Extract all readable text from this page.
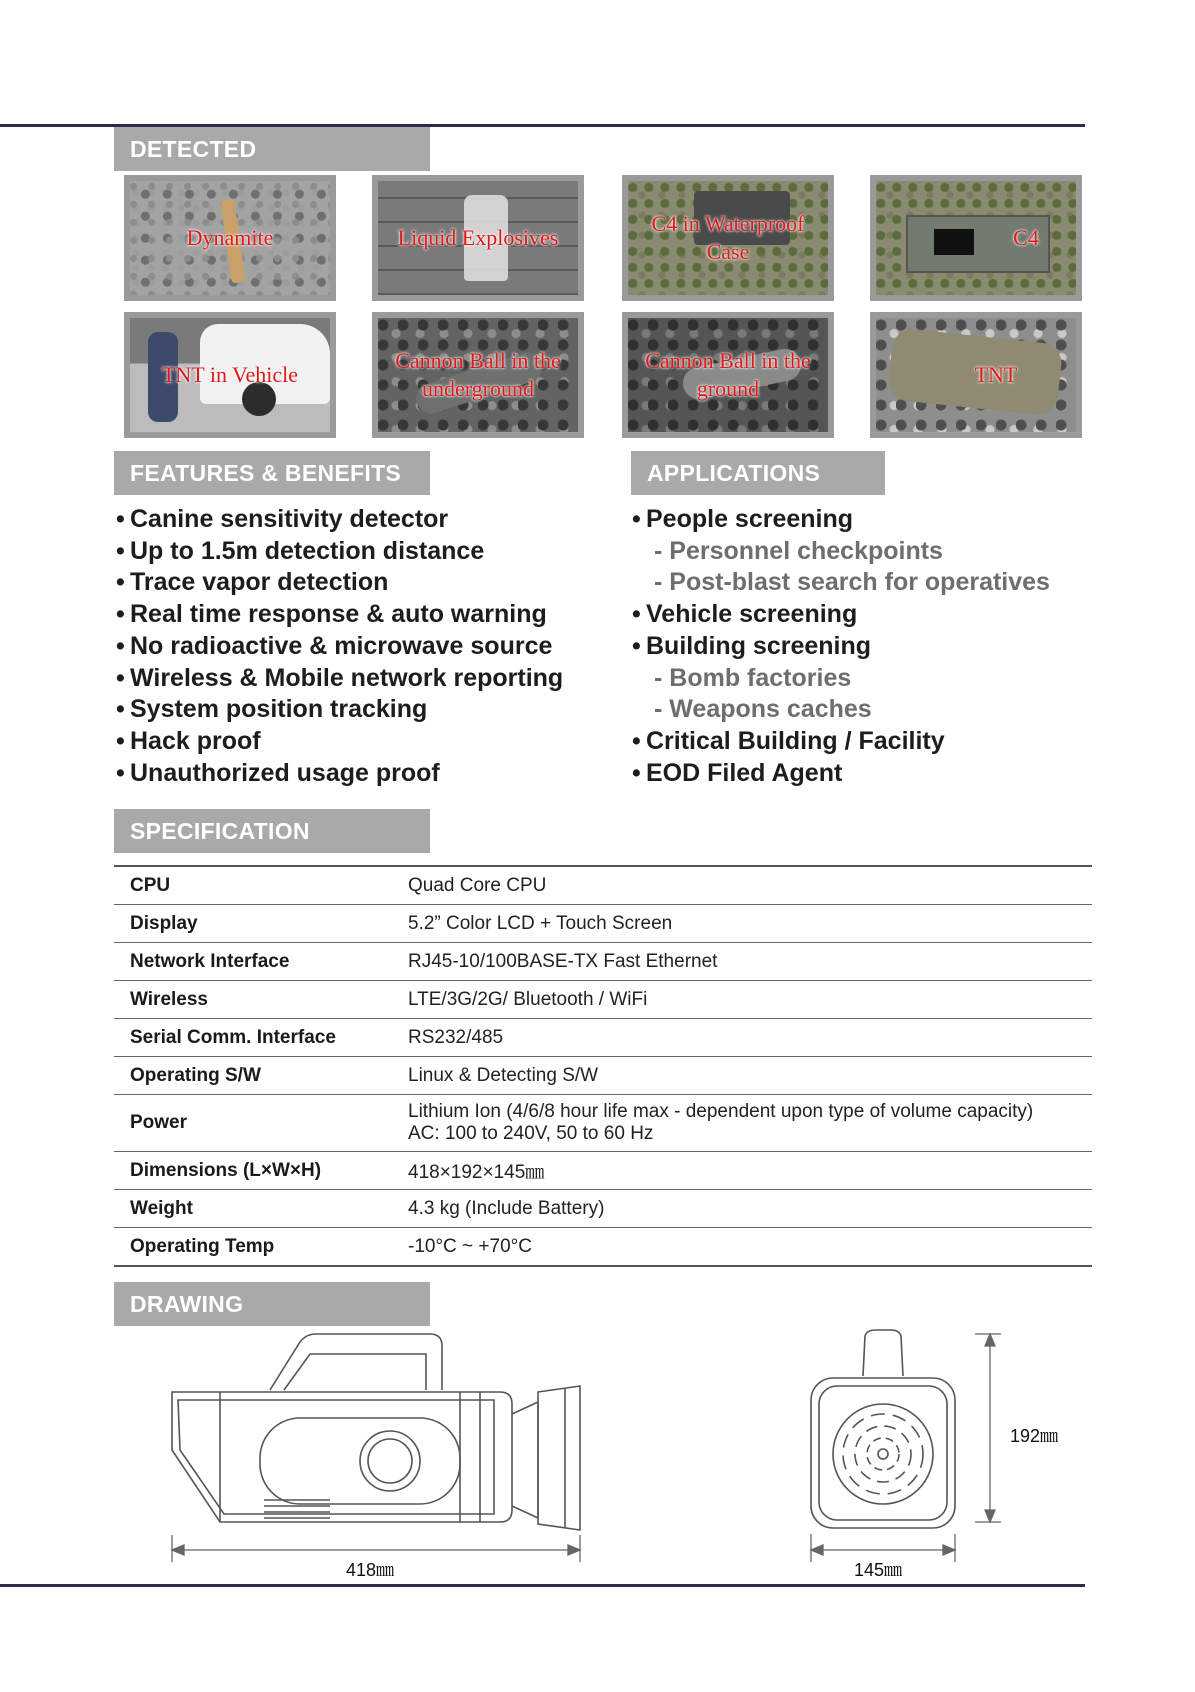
DETECTED
Dynamite	Liquid Explosives
C4 in Waterproof Case
C4
TNT in Vehicle
Cannon Ball in the underground
Cannon Ball in the ground
TNT
FEATURES & BENEFITS	APPLICATIONS
• Canine sensitivity detector
• Up to 1.5m detection distance
• Trace vapor detection
• Real time response & auto warning
• No radioactive & microwave source
• Wireless & Mobile network reporting
• System position tracking
• Hack proof
• Unauthorized usage proof
• People screening
- Personnel checkpoints
- Post-blast search for operatives
• Vehicle screening
• Building screening
- Bomb factories
- Weapons caches
• Critical Building / Facility
• EOD Filed Agent
SPECIFICATION
CPU	Quad Core CPU
Display	5.2” Color LCD + Touch Screen
Network Interface	RJ45-10/100BASE-TX Fast Ethernet
Wireless	LTE/3G/2G/ Bluetooth / WiFi
Serial Comm. Interface	RS232/485
Operating S/W	Linux & Detecting S/W
Power	Lithium Ion (4/6/8 hour life max - dependent upon type of volume capacity)
AC: 100 to 240V, 50 to 60 Hz

Dimensions (L×W×H)	418×192×145㎜
Weight	4.3 kg (Include Battery)
Operating Temp	-10°C ~ +70°C
DRAWING
418㎜	145㎜
192㎜
